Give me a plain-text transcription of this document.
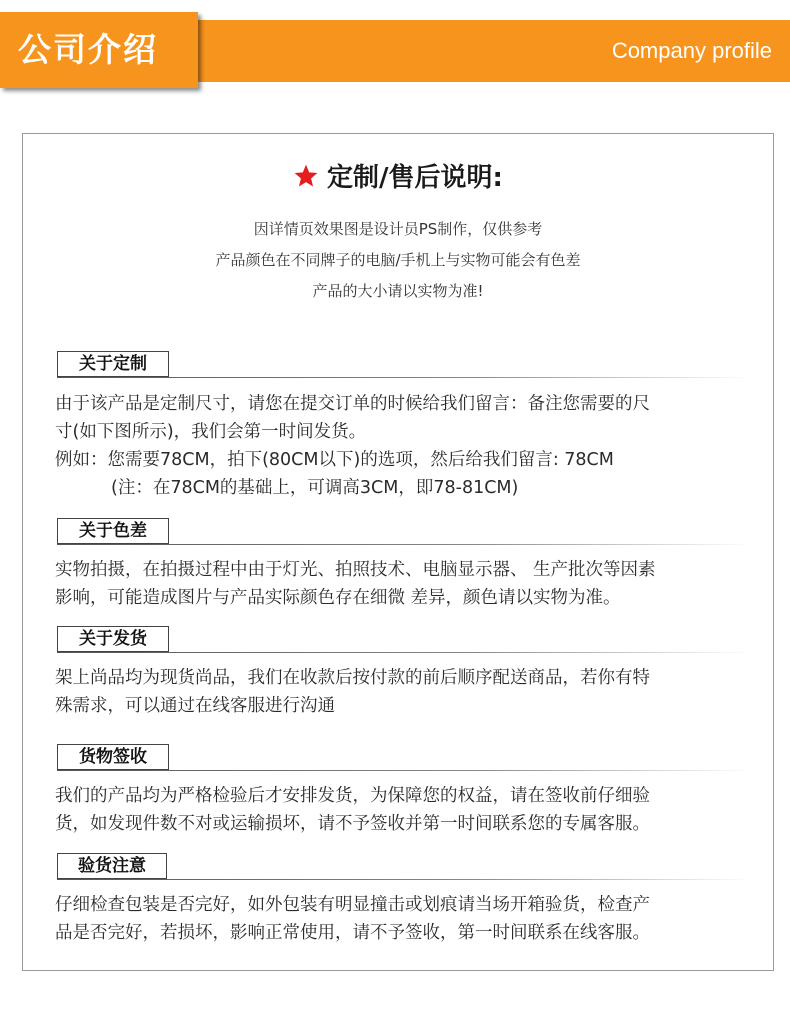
公司介绍	Company profile
定制/售后说明:
因详情页效果图是设计员PS制作，仅供参考
产品颜色在不同牌子的电脑/手机上与实物可能会有色差
产品的大小请以实物为准!
关于定制
由于该产品是定制尺寸，请您在提交订单的时候给我们留言：备注您需要的尺
寸(如下图所示)，我们会第一时间发货。
例如：您需要78CM，拍下(80CM以下)的选项，然后给我们留言: 78CM
(注：在78CM的基础上，可调高3CM，即78-81CM)
关于色差
实物拍摄，在拍摄过程中由于灯光、拍照技术、电脑显示器、 生产批次等因素
影响，可能造成图片与产品实际颜色存在细微 差异，颜色请以实物为准。
关于发货
架上尚品均为现货尚品，我们在收款后按付款的前后顺序配送商品，若你有特
殊需求，可以通过在线客服进行沟通
货物签收
我们的产品均为严格检验后才安排发货，为保障您的权益，请在签收前仔细验
货，如发现件数不对或运输损坏，请不予签收并第一时间联系您的专属客服。
验货注意
仔细检查包装是否完好，如外包装有明显撞击或划痕请当场开箱验货，检查产
品是否完好，若损坏，影响正常使用，请不予签收，第一时间联系在线客服。
